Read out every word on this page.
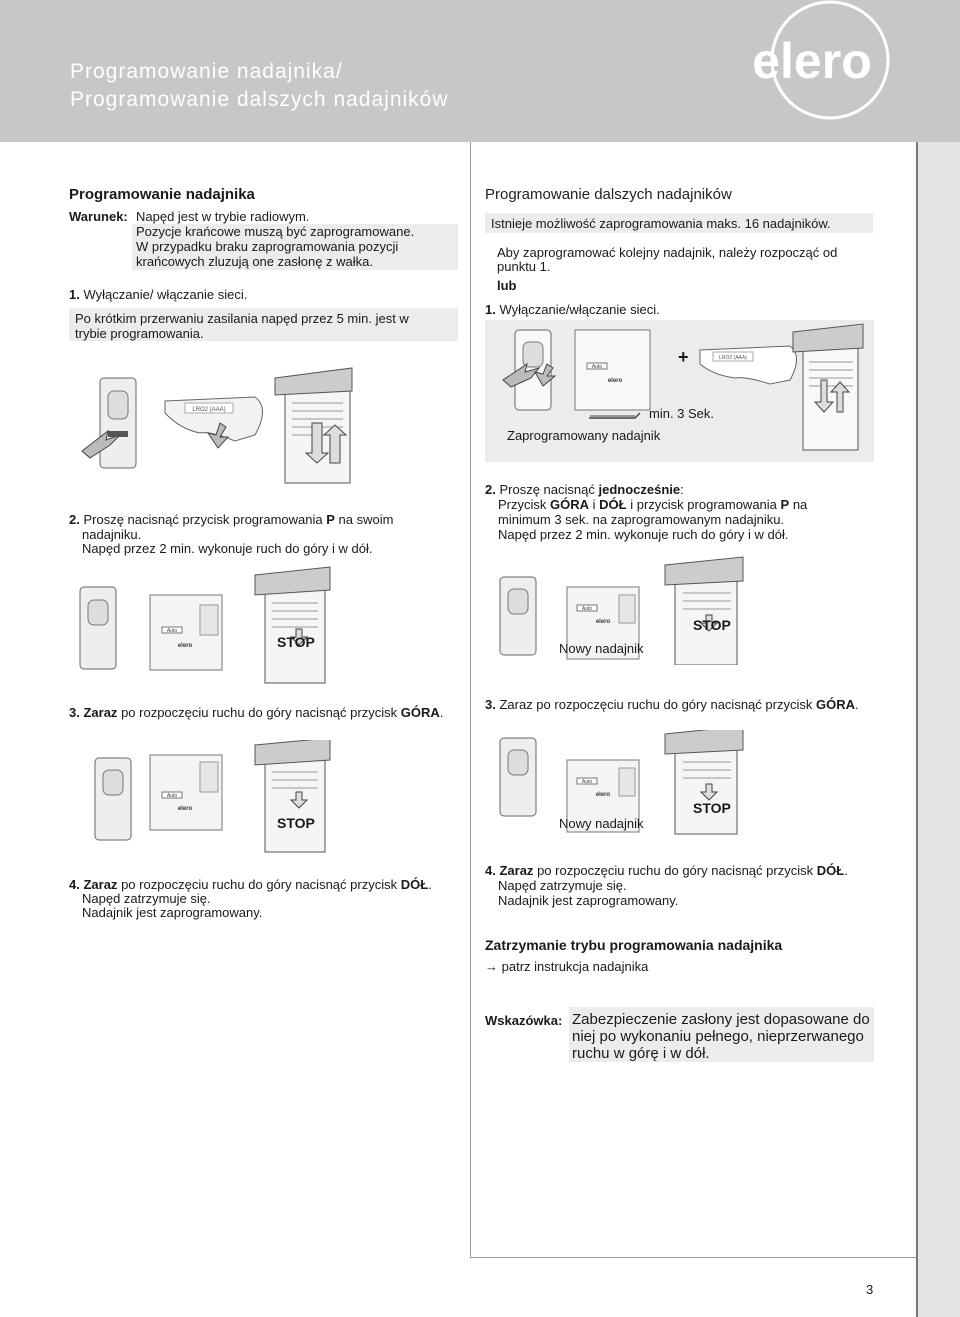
Programowanie nadajnika/
Programowanie dalszych nadajników
elero
Programowanie nadajnika
Warunek: Napęd jest w trybie radiowym.
Pozycje krańcowe muszą być zaprogramowane.
W przypadku braku zaprogramowania pozycji
krańcowych zluzują one zasłonę z wałka.
1. Wyłączanie/ włączanie sieci.
Po krótkim przerwaniu zasilania napęd przez 5 min. jest w
trybie programowania.
LRO2 (AAA)
2. Proszę nacisnąć przycisk programowania P na swoim
nadajniku.
Napęd przez 2 min. wykonuje ruch do góry i w dół.
Auto
elero	STOP
3. Zaraz po rozpoczęciu ruchu do góry nacisnąć przycisk GÓRA.
Auto
elero
STOP
4. Zaraz po rozpoczęciu ruchu do góry nacisnąć przycisk DÓŁ.
Napęd zatrzymuje się.
Nadajnik jest zaprogramowany.
Programowanie dalszych nadajników
Istnieje możliwość zaprogramowania maks. 16 nadajników.
Aby zaprogramować kolejny nadajnik, należy rozpocząć od
punktu 1.
lub
1. Wyłączanie/włączanie sieci.
Auto
elero
LRO2 (AAA)
+
min. 3 Sek.
Zaprogramowany nadajnik
2. Proszę nacisnąć jednocześnie:
Przycisk GÓRA i DÓŁ i przycisk programowania P na
minimum 3 sek. na zaprogramowanym nadajniku.
Napęd przez 2 min. wykonuje ruch do góry i w dół.
Auto
elero
Nowy nadajnik
STOP
3. Zaraz po rozpoczęciu ruchu do góry nacisnąć przycisk GÓRA.
Auto
elero
Nowy nadajnik
STOP
4. Zaraz po rozpoczęciu ruchu do góry nacisnąć przycisk DÓŁ.
Napęd zatrzymuje się.
Nadajnik jest zaprogramowany.
Zatrzymanie trybu programowania nadajnika
→ patrz instrukcja nadajnika
Wskazówka: Zabezpieczenie zasłony jest dopasowane do
niej po wykonaniu pełnego, nieprzerwanego
ruchu w górę i w dół.
3
